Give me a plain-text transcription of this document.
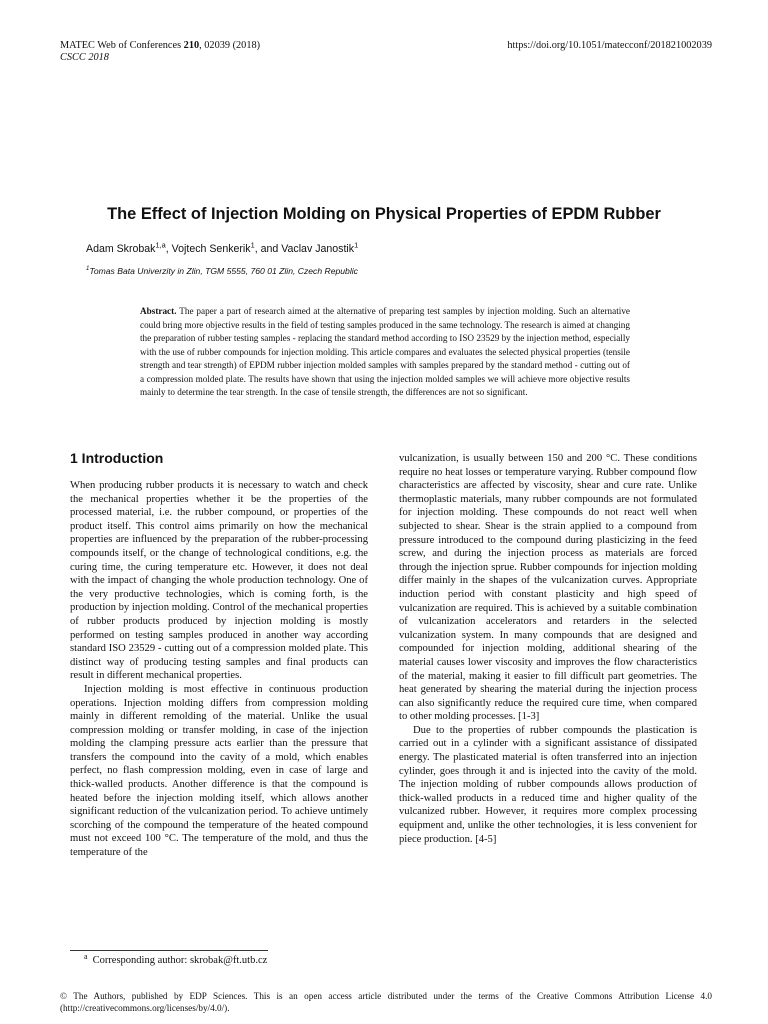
MATEC Web of Conferences 210, 02039 (2018)
CSCC 2018
https://doi.org/10.1051/matecconf/201821002039
The Effect of Injection Molding on Physical Properties of EPDM Rubber
Adam Skrobak$^{1,a}$, Vojtech Senkerik$^1$, and Vaclav Janostik$^1$
$^1$Tomas Bata Univerzity in Zlin, TGM 5555, 760 01 Zlin, Czech Republic
Abstract. The paper a part of research aimed at the alternative of preparing test samples by injection molding. Such an alternative could bring more objective results in the field of testing samples produced in the same technology. The research is aimed at changing the preparation of rubber testing samples - replacing the standard method according to ISO 23529 by the injection method, especially with the use of rubber compounds for injection molding. This article compares and evaluates the selected physical properties (tensile strength and tear strength) of EPDM rubber injection molded samples with samples prepared by the standard method - cutting out of a compression molded plate. The results have shown that using the injection molded samples we will achieve more objective results mainly to determine the tear strength. In the case of tensile strength, the differences are not so significant.
1 Introduction

When producing rubber products it is necessary to watch and check the mechanical properties whether it be the properties of the processed material, i.e. the rubber compound, or properties of the product itself. This control aims primarily on how the mechanical properties are influenced by the preparation of the rubber-processing compounds itself, or the change of technological conditions, e.g. the curing time, the curing temperature etc. However, it does not deal with the impact of changing the whole production technology. One of the very productive technologies, which is coming forth, is the production by injection molding. Control of the mechanical properties of rubber products produced by injection molding is mostly performed on testing samples produced in another way according standard ISO 23529 - cutting out of a compression molded plate. This distinct way of producing testing samples and final products can result in different mechanical properties.

Injection molding is most effective in continuous production operations. Injection molding differs from compression molding mainly in different remolding of the material. Unlike the usual compression molding or transfer molding, in case of the injection molding the clamping pressure acts earlier than the pressure that transfers the compound into the cavity of a mold, which enables perfect, no flash compression molding, even in case of large and thick-walled products. Another difference is that the compound is heated before the injection molding itself, which allows another significant reduction of the vulcanization period. To achieve untimely scorching of the compound the temperature of the heated compound must not exceed 100 °C. The temperature of the mold, and thus the temperature of the

vulcanization, is usually between 150 and 200 °C. These conditions require no heat losses or temperature varying. Rubber compound flow characteristics are affected by viscosity, shear and cure rate. Unlike thermoplastic materials, many rubber compounds are not formulated for injection molding. These compounds do not react well when subjected to shear. Shear is the strain applied to a compound from pressure introduced to the compound during plasticizing in the feed screw, and during the injection process as materials are forced through the injection sprue. Rubber compounds for injection molding differ mainly in the shapes of the vulcanization curves. Appropriate induction period with constant plasticity and high speed of vulcanization are required. This is achieved by a suitable combination of vulcanization accelerators and retarders in the selected vulcanization system. In many compounds that are designed and compounded for injection molding, additional shearing of the material causes lower viscosity and improves the flow characteristics of the material, making it easier to fill difficult part geometries. The heat generated by shearing the material during the injection process can also significantly reduce the required cure time, when compared to other molding processes. [1-3]

Due to the properties of rubber compounds the plastication is carried out in a cylinder with a significant assistance of dissipated energy. The plasticated material is often transferred into an injection cylinder, goes through it and is injected into the cavity of the mold. The injection molding of rubber compounds allows production of thick-walled products in a reduced time and higher quality of the vulcanized rubber. However, it requires more complex processing equipment and, unlike the other technologies, it is less convenient for piece production. [4-5]

$^a$ Corresponding author: skrobak@ft.utb.cz
© The Authors, published by EDP Sciences. This is an open access article distributed under the terms of the Creative Commons Attribution License 4.0 (http://creativecommons.org/licenses/by/4.0/).
